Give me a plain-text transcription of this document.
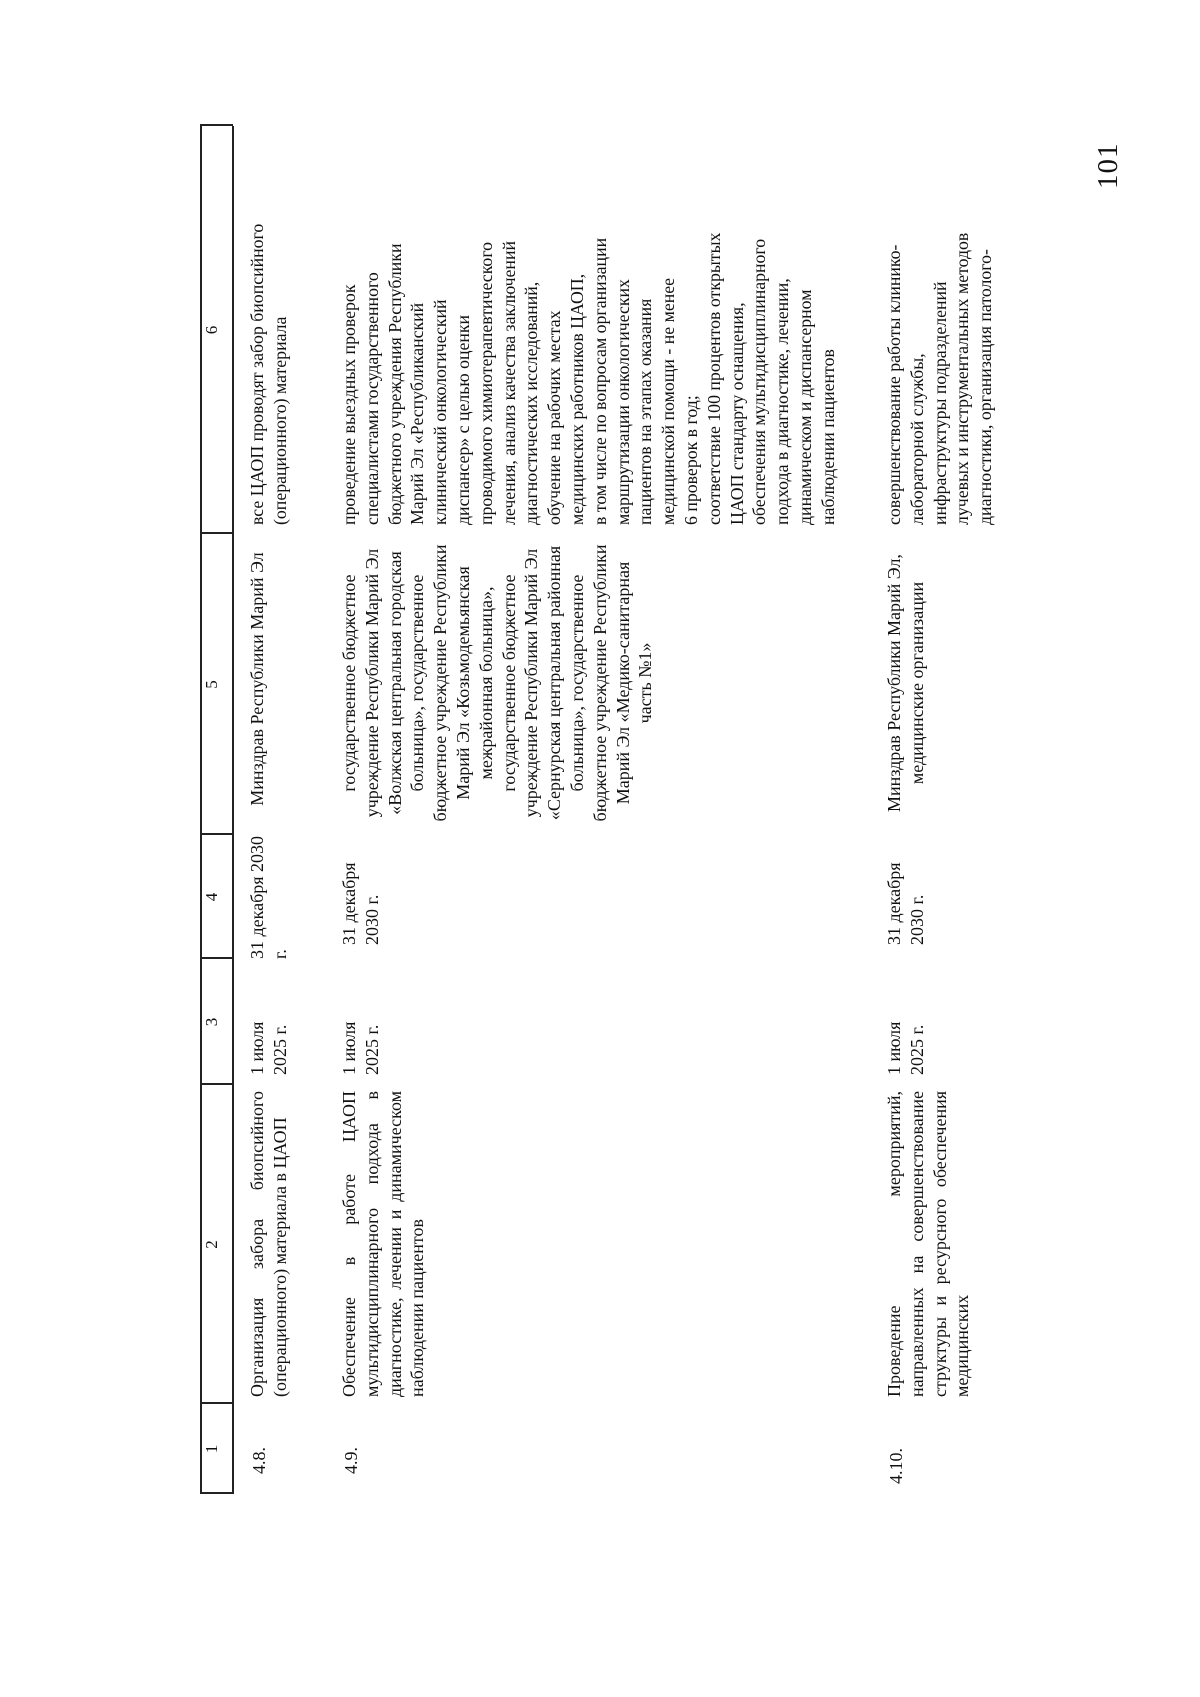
101
1
2
3
4
5
6
4.8.
Организация забора биопсийного (операционного) материала в ЦАОП
1 июля 2025 г.
31 декабря 2030 г.
Минздрав Республики Марий Эл
все ЦАОП проводят забор биопсийного (операционного) материала
4.9.
Обеспечение в работе ЦАОП мультидисциплинарного подхода в диагностике, лечении и динамическом наблюдении пациентов
1 июля 2025 г.
31 декабря 2030 г.
государственное бюджетное учреждение Республики Марий Эл «Волжская центральная городская больница», государственное бюджетное учреждение Республики Марий Эл «Козьмодемьянская межрайонная больница», государственное бюджетное учреждение Республики Марий Эл «Сернурская центральная районная больница», государственное бюджетное учреждение Республики Марий Эл «Медико-санитарная часть №1»
проведение выездных проверок специалистами государственного бюджетного учреждения Республики Марий Эл «Республиканский клинический онкологический диспансер» с целью оценки проводимого химиотерапевтического лечения, анализ качества заключений диагностических исследований, обучение на рабочих местах медицинских работников ЦАОП, в том числе по вопросам организации маршрутизации онкологических пациентов на этапах оказания медицинской помощи - не менее 6 проверок в год; соответствие 100 процентов открытых ЦАОП стандарту оснащения, обеспечения мультидисциплинарного подхода в диагностике, лечении, динамическом и диспансерном наблюдении пациентов
4.10.
Проведение мероприятий, направленных на совершенствование структуры и ресурсного обеспечения медицинских
1 июля 2025 г.
31 декабря 2030 г.
Минздрав Республики Марий Эл, медицинские организации
совершенствование работы клинико- лабораторной службы, инфраструктуры подразделений лучевых и инструментальных методов диагностики, организация патолого-
